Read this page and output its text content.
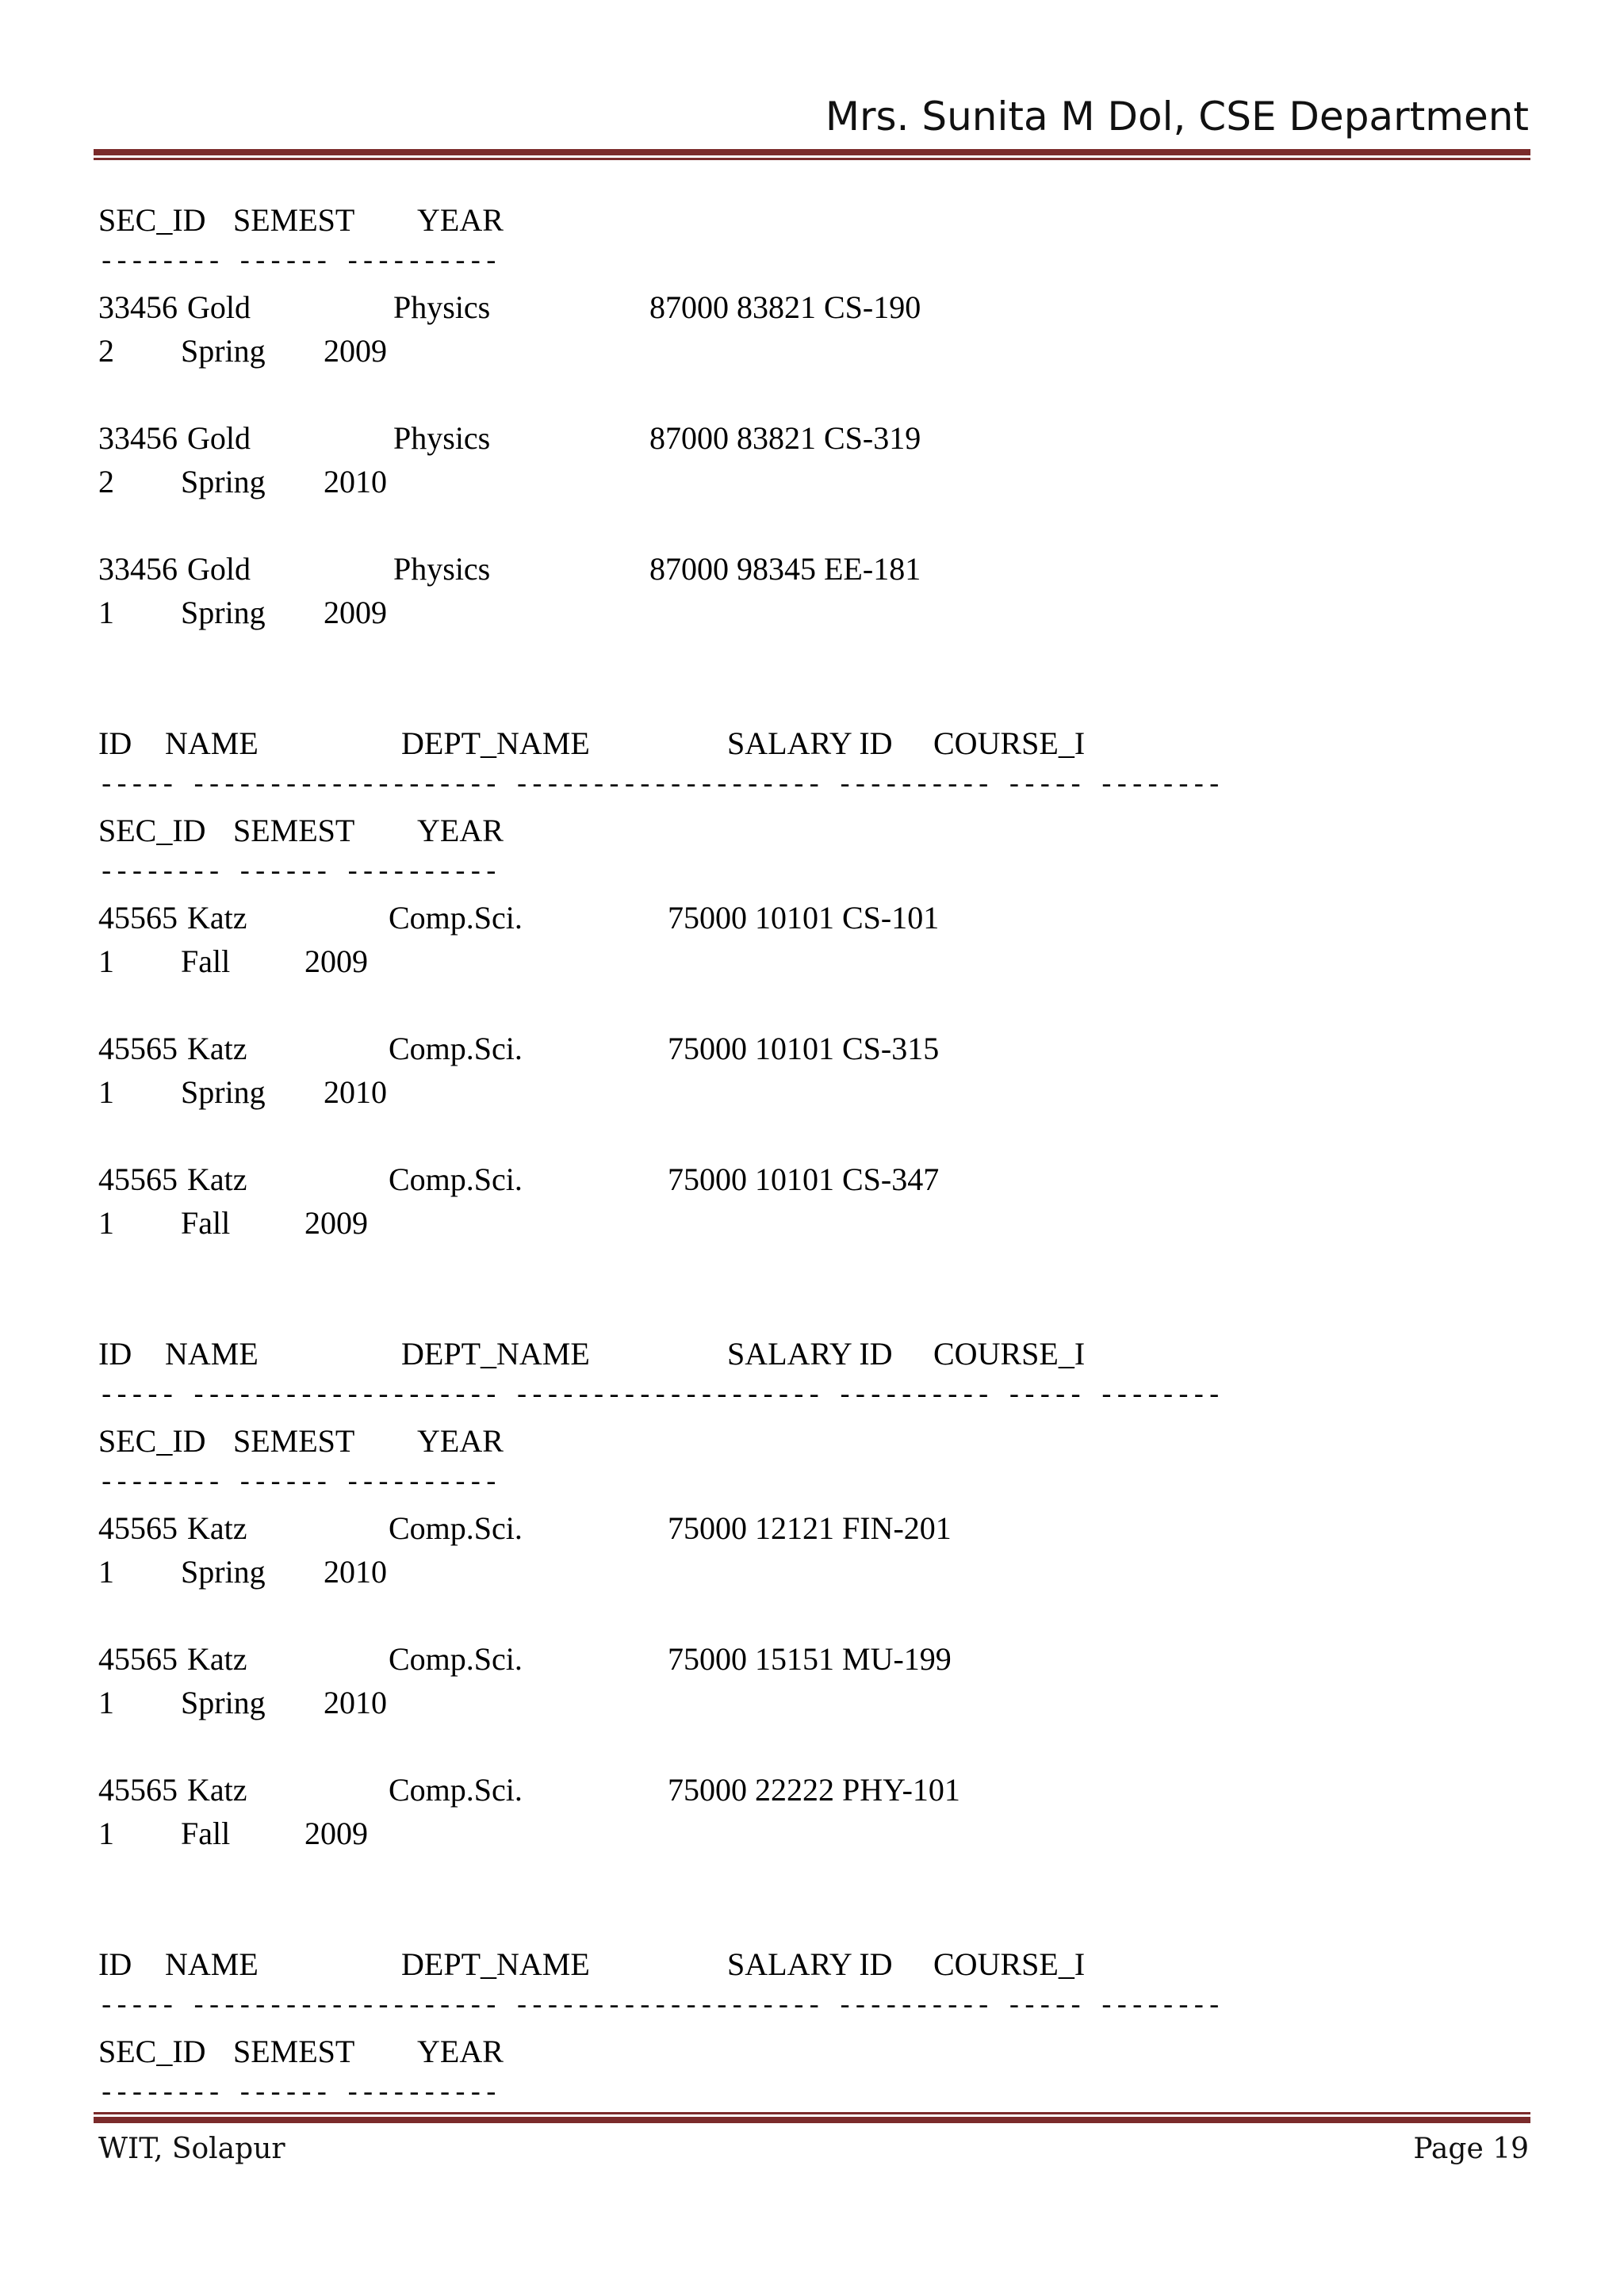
Mrs. Sunita M Dol, CSE Department
SEC_ID SEMEST YEAR
-------- ------ ----------
33456 Gold	Physics	87000 83821 CS-190
2 Spring 2009
33456 Gold	Physics	87000 83821 CS-319
2 Spring 2010
33456 Gold	Physics	87000 98345 EE-181
1 Spring 2009
ID NAME	DEPT_NAME	SALARY ID COURSE_I
----- -------------------- -------------------- ---------- ----- --------
SEC_ID SEMEST YEAR
-------- ------ ----------
45565 Katz	Comp.Sci.	75000 10101 CS-101
1 Fall 2009
45565 Katz	Comp.Sci.	75000 10101 CS-315
1 Spring 2010
45565 Katz	Comp.Sci.	75000 10101 CS-347
1 Fall 2009
ID NAME	DEPT_NAME	SALARY ID COURSE_I
----- -------------------- -------------------- ---------- ----- --------
SEC_ID SEMEST YEAR
-------- ------ ----------
45565 Katz	Comp.Sci.	75000 12121 FIN-201
1 Spring 2010
45565 Katz	Comp.Sci.	75000 15151 MU-199
1 Spring 2010
45565 Katz	Comp.Sci.	75000 22222 PHY-101
1 Fall 2009
ID NAME	DEPT_NAME	SALARY ID COURSE_I
----- -------------------- -------------------- ---------- ----- --------
SEC_ID SEMEST YEAR
-------- ------ ----------
WIT, Solapur	Page 19
